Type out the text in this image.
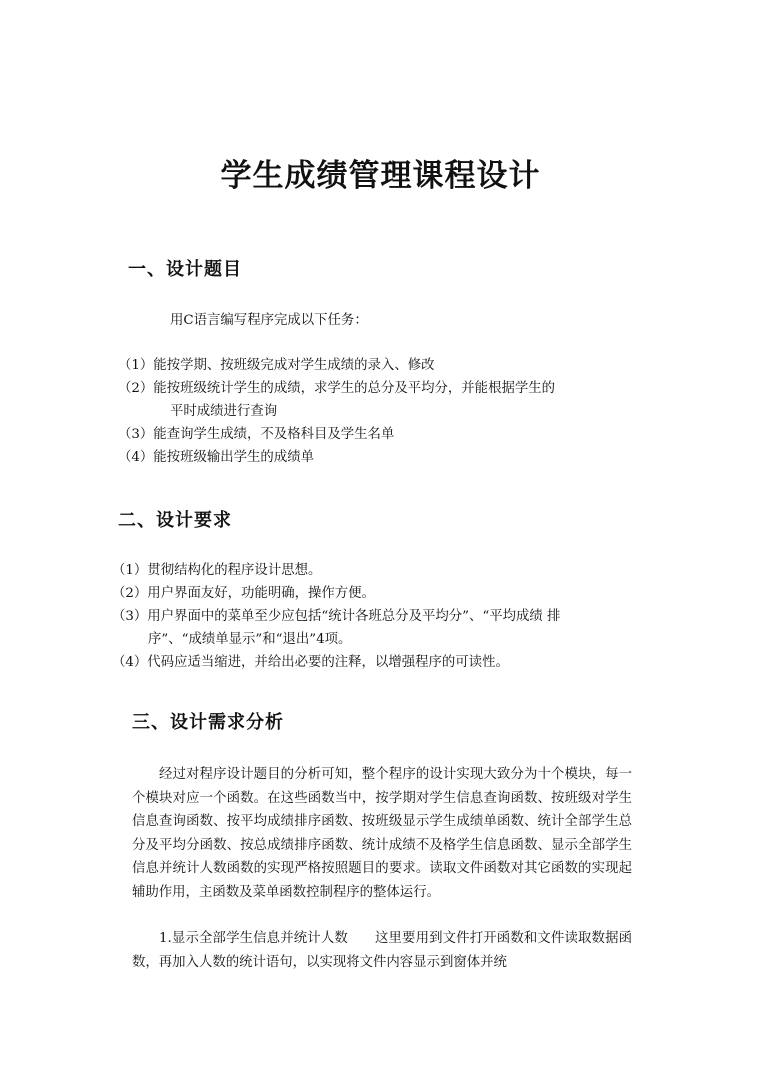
学生成绩管理课程设计
一、设计题目

用C语言编写程序完成以下任务：

（1）能按学期、按班级完成对学生成绩的录入、修改

（2）能按班级统计学生的成绩，求学生的总分及平均分，并能根据学生的

平时成绩进行查询

（3）能查询学生成绩，不及格科目及学生名单

（4）能按班级输出学生的成绩单

二、设计要求

（1）贯彻结构化的程序设计思想。

（2）用户界面友好，功能明确，操作方便。

（3）用户界面中的菜单至少应包括“统计各班总分及平均分”、“平均成绩 排

序”、“成绩单显示”和“退出”4项。

（4）代码应适当缩进，并给出必要的注释，以增强程序的可读性。

三、设计需求分析

经过对程序设计题目的分析可知，整个程序的设计实现大致分为十个模块，每一个模块对应一个函数。在这些函数当中，按学期对学生信息查询函数、按班级对学生信息查询函数、按平均成绩排序函数、按班级显示学生成绩单函数、统计全部学生总分及平均分函数、按总成绩排序函数、统计成绩不及格学生信息函数、显示全部学生信息并统计人数函数的实现严格按照题目的要求。读取文件函数对其它函数的实现起辅助作用，主函数及菜单函数控制程序的整体运行。

1.显示全部学生信息并统计人数　　这里要用到文件打开函数和文件读取数据函数，再加入人数的统计语句，以实现将文件内容显示到窗体并统
